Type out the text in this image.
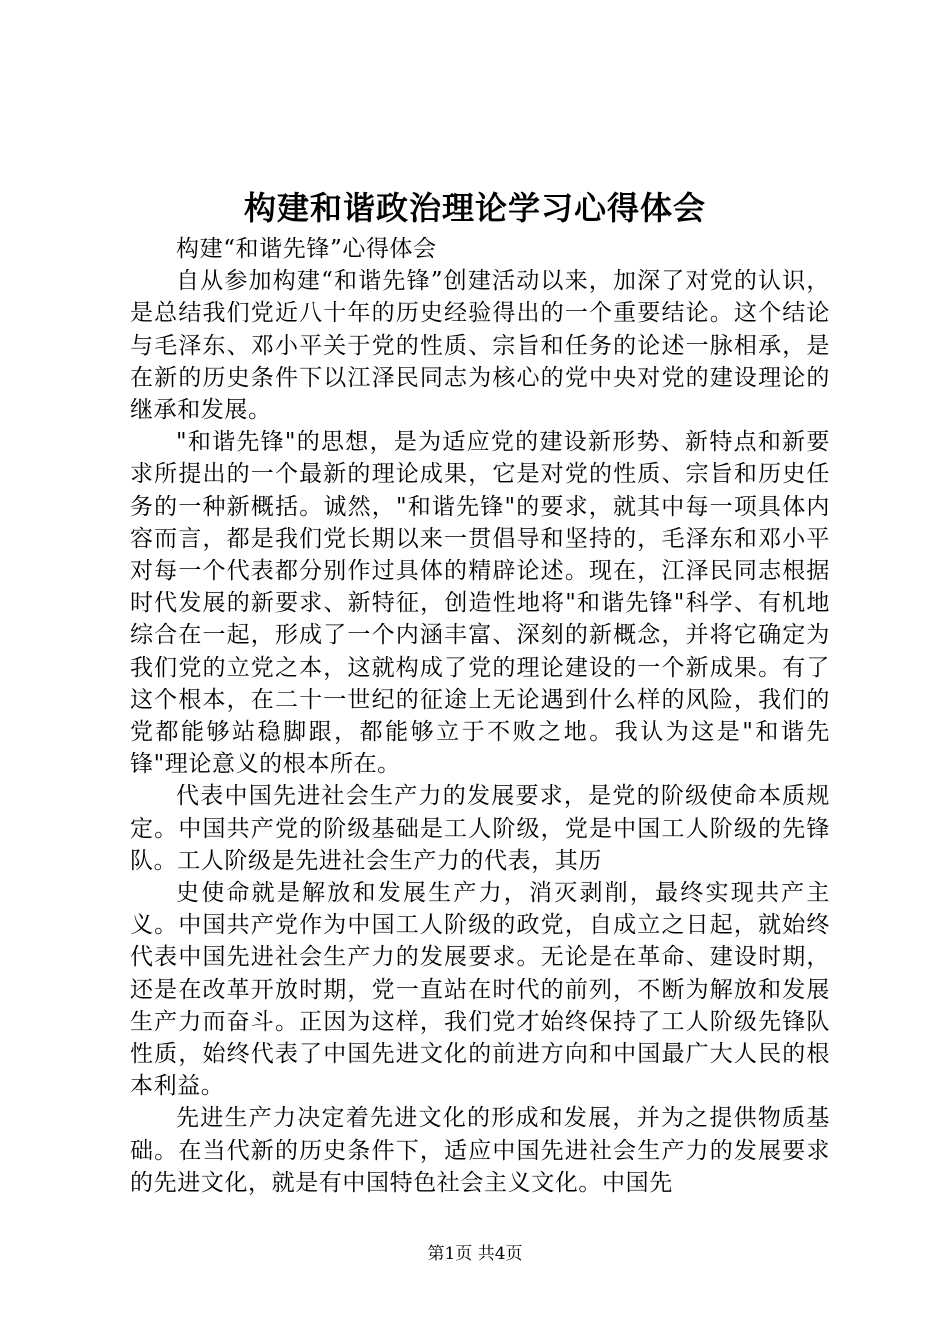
构建和谐政治理论学习心得体会

构建“和谐先锋”心得体会

自从参加构建“和谐先锋”创建活动以来，加深了对党的认识，是总结我们党近八十年的历史经验得出的一个重要结论。这个结论与毛泽东、邓小平关于党的性质、宗旨和任务的论述一脉相承，是在新的历史条件下以江泽民同志为核心的党中央对党的建设理论的继承和发展。

"和谐先锋"的思想，是为适应党的建设新形势、新特点和新要求所提出的一个最新的理论成果，它是对党的性质、宗旨和历史任务的一种新概括。诚然，"和谐先锋"的要求，就其中每一项具体内容而言，都是我们党长期以来一贯倡导和坚持的，毛泽东和邓小平对每一个代表都分别作过具体的精辟论述。现在，江泽民同志根据时代发展的新要求、新特征，创造性地将"和谐先锋"科学、有机地综合在一起，形成了一个内涵丰富、深刻的新概念，并将它确定为我们党的立党之本，这就构成了党的理论建设的一个新成果。有了这个根本，在二十一世纪的征途上无论遇到什么样的风险，我们的党都能够站稳脚跟，都能够立于不败之地。我认为这是"和谐先锋"理论意义的根本所在。

代表中国先进社会生产力的发展要求，是党的阶级使命本质规定。中国共产党的阶级基础是工人阶级，党是中国工人阶级的先锋队。工人阶级是先进社会生产力的代表，其历

史使命就是解放和发展生产力，消灭剥削，最终实现共产主义。中国共产党作为中国工人阶级的政党，自成立之日起，就始终代表中国先进社会生产力的发展要求。无论是在革命、建设时期，还是在改革开放时期，党一直站在时代的前列，不断为解放和发展生产力而奋斗。正因为这样，我们党才始终保持了工人阶级先锋队性质，始终代表了中国先进文化的前进方向和中国最广大人民的根本利益。

先进生产力决定着先进文化的形成和发展，并为之提供物质基础。在当代新的历史条件下，适应中国先进社会生产力的发展要求的先进文化，就是有中国特色社会主义文化。中国先

第1页 共4页
